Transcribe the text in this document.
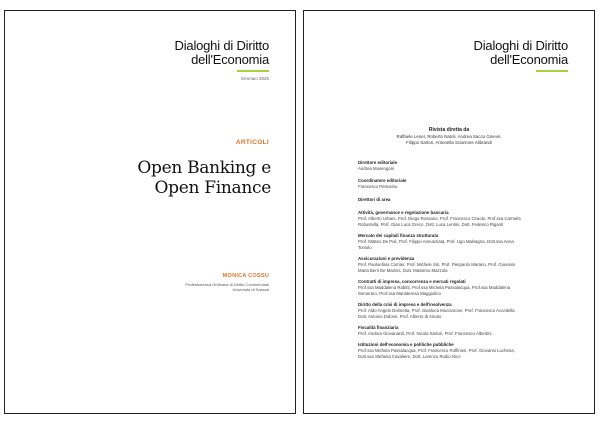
Dialoghi di Diritto
dell'Economia
Gennaio 2026
ARTICOLI
Open Banking e
Open Finance
MONICA COSSU
Professoressa Ordinaria di Diritto Commerciale
Università di Sassari
Dialoghi di Diritto
dell'Economia
Rivista diretta da
Raffaele Lener, Roberto Natoli, Andrea Sacco Ginevri,
Filippo Sartori, Antonella Sciarrone Alibrandi
Direttore editoriale
Andrea Musengoni
Coordinatore editoriale
Francesco Pertusino
Direttori di area
Attività, governance e regolazione bancaria
Prof. Alberto Urbani, Prof. Diego Rossano, Prof. Francesco Ciraolo, Prof.ssa Carmela
Robustella, Prof. Gian Luca Greco, Dott. Luca Lentini, Dott. Federico Riganti
Mercato dei capitali finanza strutturata
Prof. Matteo De Poli, Prof. Filippo Annunziata, Prof. Ugo Malvagna, Dott.ssa Anna
Toniolo
Assicurazioni e previdenza
Prof. Paoloefisio Corrias, Prof. Michele Siri, Prof. Pierpaolo Marano, Prof. Giovanni
Maria Berti De Marinis, Dott. Massimo Mazzola
Contratti di impresa, concorrenza e mercati regolati
Prof.ssa Maddalena Rabitti, Prof.ssa Michela Passalacqua, Prof.ssa Maddalena
Semeraro, Prof.ssa Mariateresa Maggiolino
Diritto della crisi di impresa e dell'insolvenza
Prof. Aldo Angelo Dolmetta, Prof. Gianluca Mucciarone, Prof. Francesco Accettella
Dott. Antonio Didone, Prof. Alberto di Amato
Fiscalità finanziaria
Prof. Andrea Giovanardi, Prof. Nicola Sartori, Prof. Francesco Albertini
Istituzioni dell'economia e politiche pubbliche
Prof.ssa Michela Passalacqua, Prof. Francesco Ruffinieri, Prof. Giovanni Luchena,
Dott.ssa Stefania Cavaliere, Dott. Lorenzo Rodio Nico
